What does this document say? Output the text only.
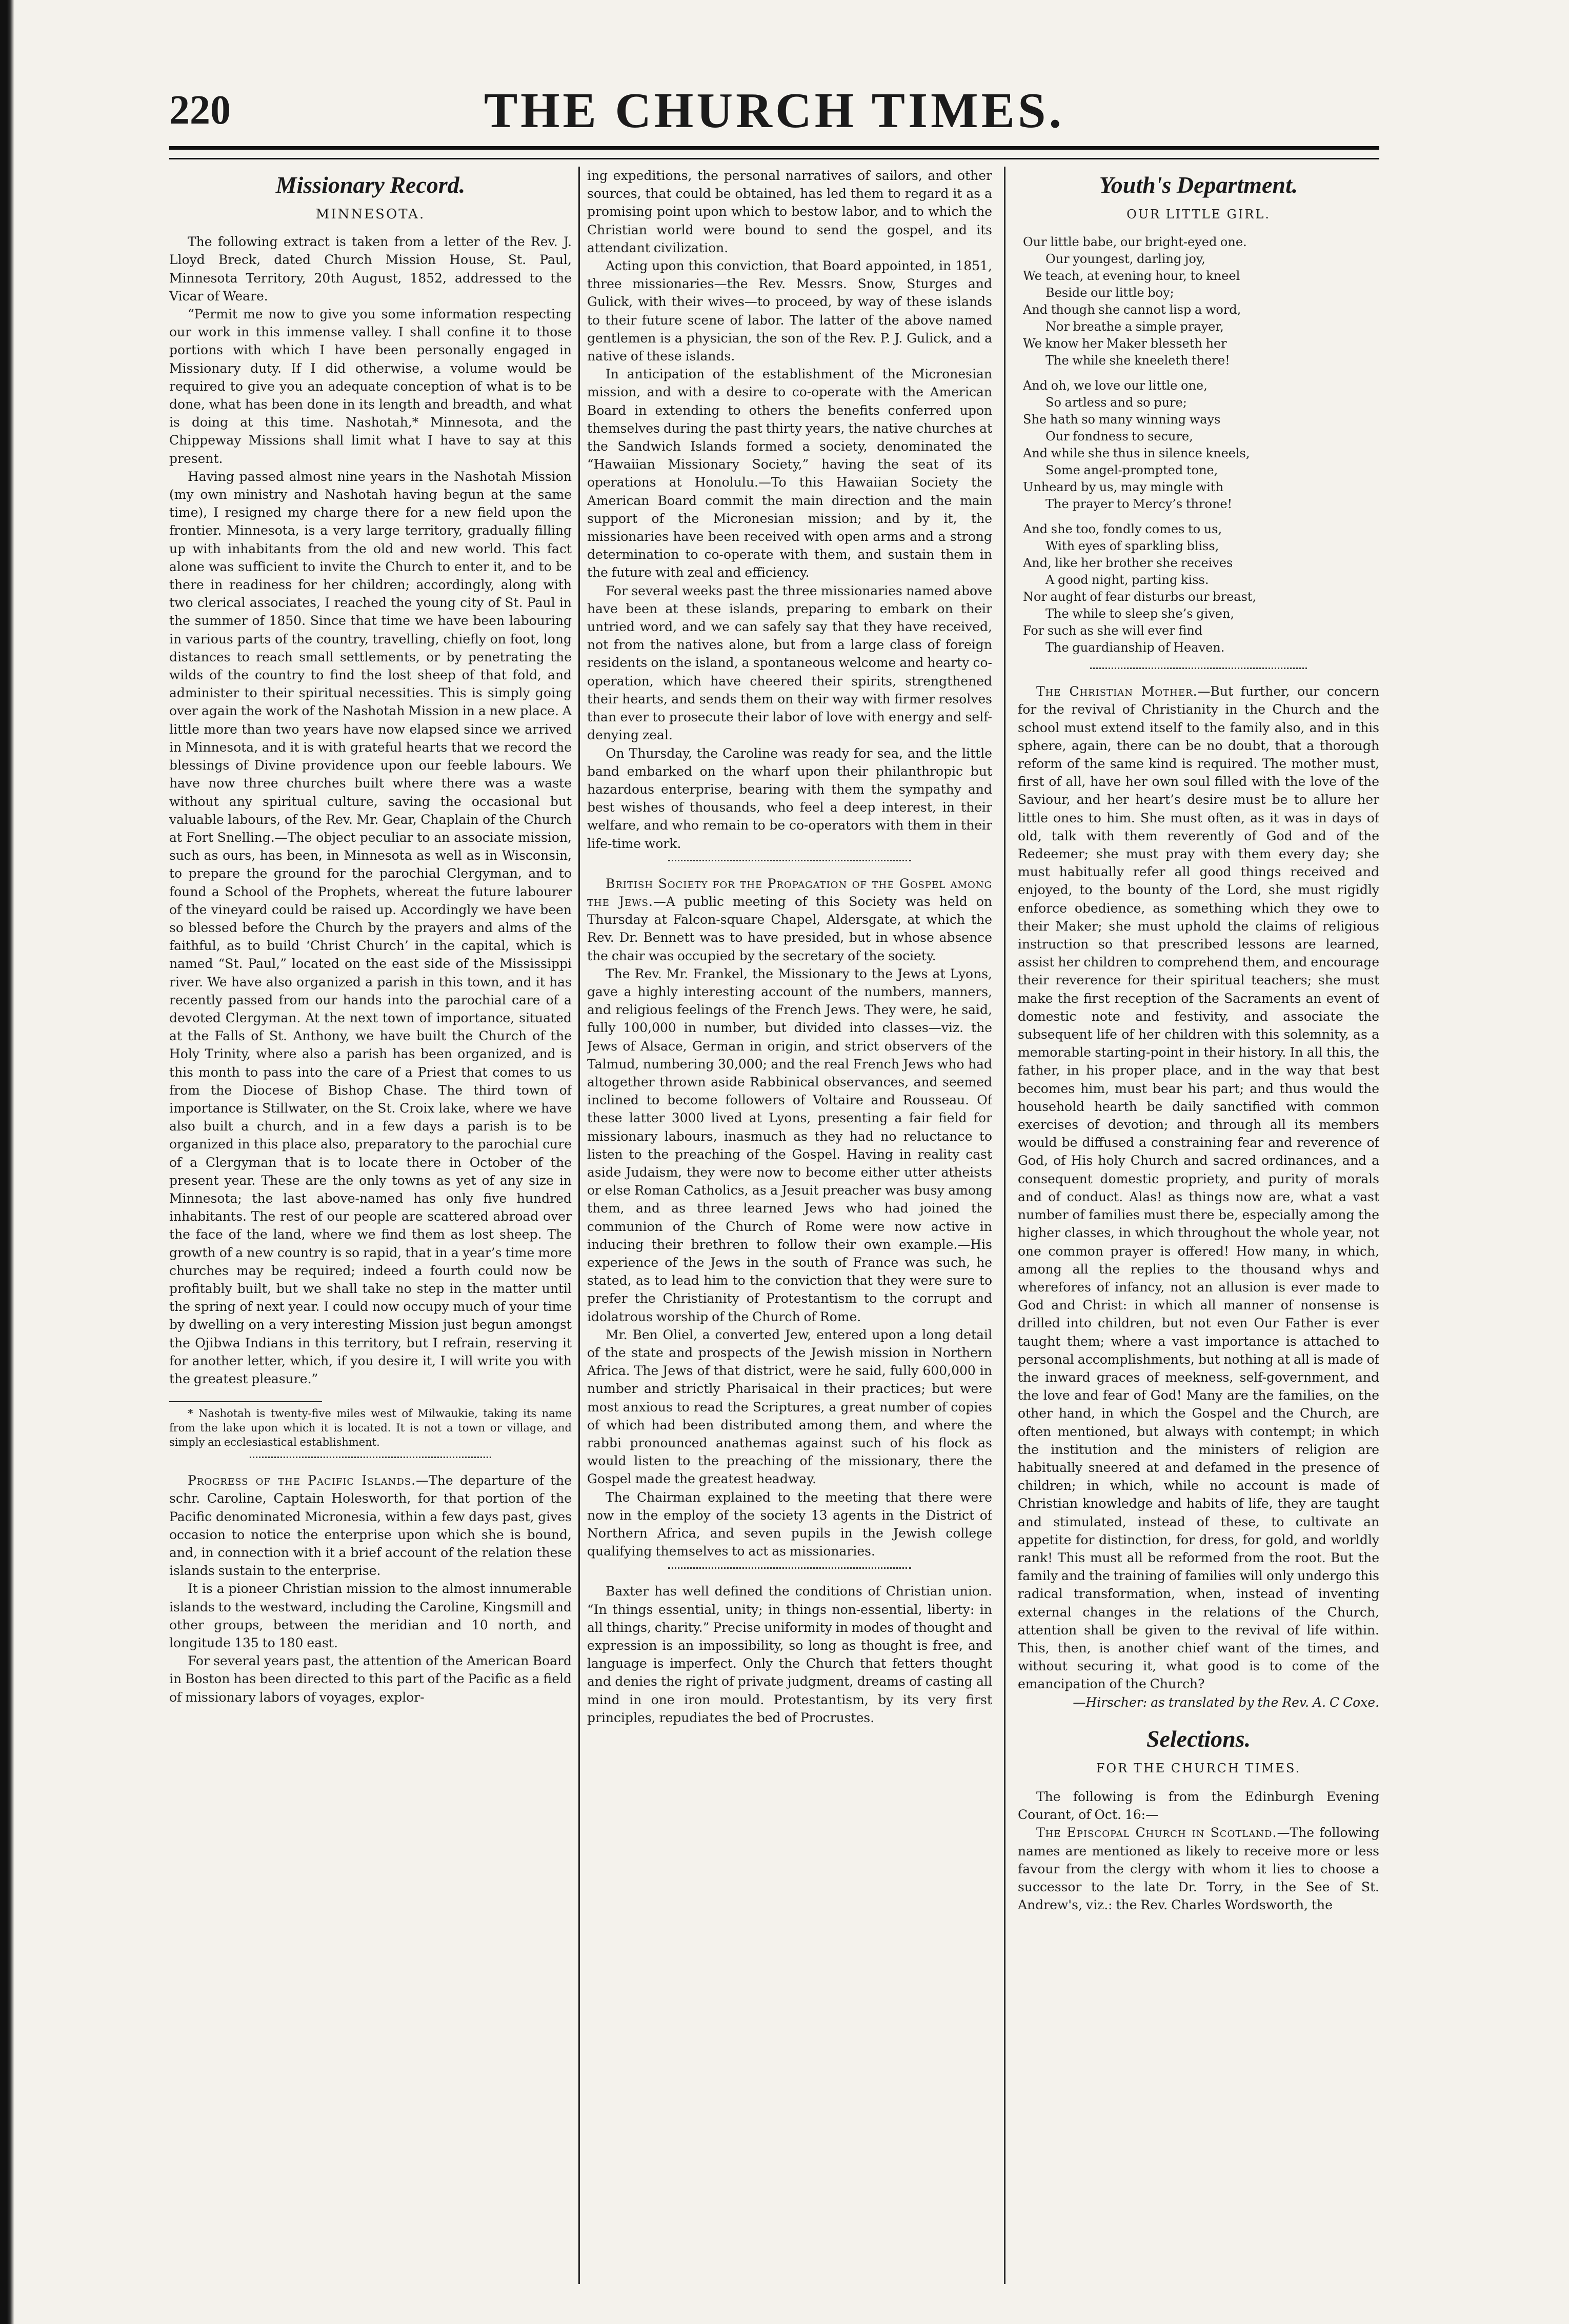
220	THE CHURCH TIMES.
Missionary Record.
MINNESOTA.

The following extract is taken from a letter of the Rev. J. Lloyd Breck, dated Church Mission House, St. Paul, Minnesota Territory, 20th August, 1852, addressed to the Vicar of Weare.

“Permit me now to give you some information respecting our work in this immense valley. I shall confine it to those portions with which I have been personally engaged in Missionary duty. If I did otherwise, a volume would be required to give you an adequate conception of what is to be done, what has been done in its length and breadth, and what is doing at this time. Nashotah,* Minnesota, and the Chippeway Missions shall limit what I have to say at this present.

Having passed almost nine years in the Nashotah Mission (my own ministry and Nashotah having begun at the same time), I resigned my charge there for a new field upon the frontier. Minnesota, is a very large territory, gradually filling up with inhabitants from the old and new world. This fact alone was sufficient to invite the Church to enter it, and to be there in readiness for her children; accordingly, along with two clerical associates, I reached the young city of St. Paul in the summer of 1850. Since that time we have been labouring in various parts of the country, travelling, chiefly on foot, long distances to reach small settlements, or by penetrating the wilds of the country to find the lost sheep of that fold, and administer to their spiritual necessities. This is simply going over again the work of the Nashotah Mission in a new place. A little more than two years have now elapsed since we arrived in Minnesota, and it is with grateful hearts that we record the blessings of Divine providence upon our feeble labours. We have now three churches built where there was a waste without any spiritual culture, saving the occasional but valuable labours, of the Rev. Mr. Gear, Chaplain of the Church at Fort Snelling.—The object peculiar to an associate mission, such as ours, has been, in Minnesota as well as in Wisconsin, to prepare the ground for the parochial Clergyman, and to found a School of the Prophets, whereat the future labourer of the vineyard could be raised up. Accordingly we have been so blessed before the Church by the prayers and alms of the faithful, as to build ‘Christ Church’ in the capital, which is named “St. Paul,” located on the east side of the Mississippi river. We have also organized a parish in this town, and it has recently passed from our hands into the parochial care of a devoted Clergyman. At the next town of importance, situated at the Falls of St. Anthony, we have built the Church of the Holy Trinity, where also a parish has been organized, and is this month to pass into the care of a Priest that comes to us from the Diocese of Bishop Chase. The third town of importance is Stillwater, on the St. Croix lake, where we have also built a church, and in a few days a parish is to be organized in this place also, preparatory to the parochial cure of a Clergyman that is to locate there in October of the present year. These are the only towns as yet of any size in Minnesota; the last above-named has only five hundred inhabitants. The rest of our people are scattered abroad over the face of the land, where we find them as lost sheep. The growth of a new country is so rapid, that in a year’s time more churches may be required; indeed a fourth could now be profitably built, but we shall take no step in the matter until the spring of next year. I could now occupy much of your time by dwelling on a very interesting Mission just begun amongst the Ojibwa Indians in this territory, but I refrain, reserving it for another letter, which, if you desire it, I will write you with the greatest pleasure.”

* Nashotah is twenty-five miles west of Milwaukie, taking its name from the lake upon which it is located. It is not a town or village, and simply an ecclesiastical establishment.

Progress of the Pacific Islands.—The departure of the schr. Caroline, Captain Holesworth, for that portion of the Pacific denominated Micronesia, within a few days past, gives occasion to notice the enterprise upon which she is bound, and, in connection with it a brief account of the relation these islands sustain to the enterprise.

It is a pioneer Christian mission to the almost innumerable islands to the westward, including the Caroline, Kingsmill and other groups, between the meridian and 10 north, and longitude 135 to 180 east.

For several years past, the attention of the American Board in Boston has been directed to this part of the Pacific as a field of missionary labors of voyages, explor-

ing expeditions, the personal narratives of sailors, and other sources, that could be obtained, has led them to regard it as a promising point upon which to bestow labor, and to which the Christian world were bound to send the gospel, and its attendant civilization.

Acting upon this conviction, that Board appointed, in 1851, three missionaries—the Rev. Messrs. Snow, Sturges and Gulick, with their wives—to proceed, by way of these islands to their future scene of labor. The latter of the above named gentlemen is a physician, the son of the Rev. P. J. Gulick, and a native of these islands.

In anticipation of the establishment of the Micronesian mission, and with a desire to co-operate with the American Board in extending to others the benefits conferred upon themselves during the past thirty years, the native churches at the Sandwich Islands formed a society, denominated the “Hawaiian Missionary Society,” having the seat of its operations at Honolulu.—To this Hawaiian Society the American Board commit the main direction and the main support of the Micronesian mission; and by it, the missionaries have been received with open arms and a strong determination to co-operate with them, and sustain them in the future with zeal and efficiency.

For several weeks past the three missionaries named above have been at these islands, preparing to embark on their untried word, and we can safely say that they have received, not from the natives alone, but from a large class of foreign residents on the island, a spontaneous welcome and hearty co-operation, which have cheered their spirits, strengthened their hearts, and sends them on their way with firmer resolves than ever to prosecute their labor of love with energy and self-denying zeal.

On Thursday, the Caroline was ready for sea, and the little band embarked on the wharf upon their philanthropic but hazardous enterprise, bearing with them the sympathy and best wishes of thousands, who feel a deep interest, in their welfare, and who remain to be co-operators with them in their life-time work.

British Society for the Propagation of the Gospel among the Jews.—A public meeting of this Society was held on Thursday at Falcon-square Chapel, Aldersgate, at which the Rev. Dr. Bennett was to have presided, but in whose absence the chair was occupied by the secretary of the society.

The Rev. Mr. Frankel, the Missionary to the Jews at Lyons, gave a highly interesting account of the numbers, manners, and religious feelings of the French Jews. They were, he said, fully 100,000 in number, but divided into classes—viz. the Jews of Alsace, German in origin, and strict observers of the Talmud, numbering 30,000; and the real French Jews who had altogether thrown aside Rabbinical observances, and seemed inclined to become followers of Voltaire and Rousseau. Of these latter 3000 lived at Lyons, presenting a fair field for missionary labours, inasmuch as they had no reluctance to listen to the preaching of the Gospel. Having in reality cast aside Judaism, they were now to become either utter atheists or else Roman Catholics, as a Jesuit preacher was busy among them, and as three learned Jews who had joined the communion of the Church of Rome were now active in inducing their brethren to follow their own example.—His experience of the Jews in the south of France was such, he stated, as to lead him to the conviction that they were sure to prefer the Christianity of Protestantism to the corrupt and idolatrous worship of the Church of Rome.

Mr. Ben Oliel, a converted Jew, entered upon a long detail of the state and prospects of the Jewish mission in Northern Africa. The Jews of that district, were he said, fully 600,000 in number and strictly Pharisaical in their practices; but were most anxious to read the Scriptures, a great number of copies of which had been distributed among them, and where the rabbi pronounced anathemas against such of his flock as would listen to the preaching of the missionary, there the Gospel made the greatest headway.

The Chairman explained to the meeting that there were now in the employ of the society 13 agents in the District of Northern Africa, and seven pupils in the Jewish college qualifying themselves to act as missionaries.

Baxter has well defined the conditions of Christian union. “In things essential, unity; in things non-essential, liberty: in all things, charity.” Precise uniformity in modes of thought and expression is an impossibility, so long as thought is free, and language is imperfect. Only the Church that fetters thought and denies the right of private judgment, dreams of casting all mind in one iron mould. Protestantism, by its very first principles, repudiates the bed of Procrustes.

Youth's Department.
OUR LITTLE GIRL.
Our little babe, our bright-eyed one.
Our youngest, darling joy,
We teach, at evening hour, to kneel
Beside our little boy;
And though she cannot lisp a word,
Nor breathe a simple prayer,
We know her Maker blesseth her
The while she kneeleth there!
And oh, we love our little one,
So artless and so pure;
She hath so many winning ways
Our fondness to secure,
And while she thus in silence kneels,
Some angel-prompted tone,
Unheard by us, may mingle with
The prayer to Mercy’s throne!
And she too, fondly comes to us,
With eyes of sparkling bliss,
And, like her brother she receives
A good night, parting kiss.
Nor aught of fear disturbs our breast,
The while to sleep she’s given,
For such as she will ever find
The guardianship of Heaven.

The Christian Mother.—But further, our concern for the revival of Christianity in the Church and the school must extend itself to the family also, and in this sphere, again, there can be no doubt, that a thorough reform of the same kind is required. The mother must, first of all, have her own soul filled with the love of the Saviour, and her heart’s desire must be to allure her little ones to him. She must often, as it was in days of old, talk with them reverently of God and of the Redeemer; she must pray with them every day; she must habitually refer all good things received and enjoyed, to the bounty of the Lord, she must rigidly enforce obedience, as something which they owe to their Maker; she must uphold the claims of religious instruction so that prescribed lessons are learned, assist her children to comprehend them, and encourage their reverence for their spiritual teachers; she must make the first reception of the Sacraments an event of domestic note and festivity, and associate the subsequent life of her children with this solemnity, as a memorable starting-point in their history. In all this, the father, in his proper place, and in the way that best becomes him, must bear his part; and thus would the household hearth be daily sanctified with common exercises of devotion; and through all its members would be diffused a constraining fear and reverence of God, of His holy Church and sacred ordinances, and a consequent domestic propriety, and purity of morals and of conduct. Alas! as things now are, what a vast number of families must there be, especially among the higher classes, in which throughout the whole year, not one common prayer is offered! How many, in which, among all the replies to the thousand whys and wherefores of infancy, not an allusion is ever made to God and Christ: in which all manner of nonsense is drilled into children, but not even Our Father is ever taught them; where a vast importance is attached to personal accomplishments, but nothing at all is made of the inward graces of meekness, self-government, and the love and fear of God! Many are the families, on the other hand, in which the Gospel and the Church, are often mentioned, but always with contempt; in which the institution and the ministers of religion are habitually sneered at and defamed in the presence of children; in which, while no account is made of Christian knowledge and habits of life, they are taught and stimulated, instead of these, to cultivate an appetite for distinction, for dress, for gold, and worldly rank! This must all be reformed from the root. But the family and the training of families will only undergo this radical transformation, when, instead of inventing external changes in the relations of the Church, attention shall be given to the revival of life within. This, then, is another chief want of the times, and without securing it, what good is to come of the emancipation of the Church?

—Hirscher: as translated by the Rev. A. C Coxe.

Selections.
FOR THE CHURCH TIMES.

The following is from the Edinburgh Evening Courant, of Oct. 16:—

The Episcopal Church in Scotland.—The following names are mentioned as likely to receive more or less favour from the clergy with whom it lies to choose a successor to the late Dr. Torry, in the See of St. Andrew's, viz.: the Rev. Charles Wordsworth, the
